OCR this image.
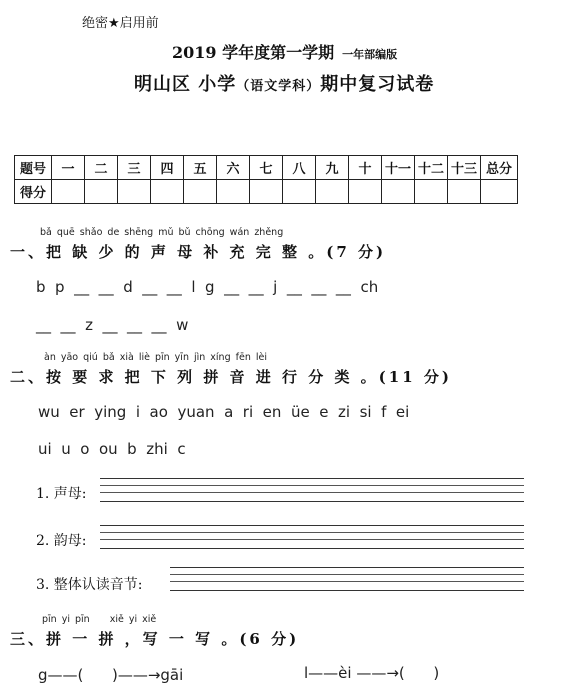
绝密★启用前
2019 学年度第一学期 一年部编版
明山区 小学（语文学科）期中复习试卷
题号	一	二	三	四	五	六	七	八	九	十	十一	十二	十三	总分
得分														
bǎ quē shǎo de shēng mǔ bǔ chōng wán zhěng
一、把 缺 少 的 声 母 补 充 完 整 。(7 分)
b  p  __  __  d  __  __  l  g  __  __  j  __  __  __  ch
__  __  z  __  __  __  w
àn yāo qiú bǎ xià liè pīn yīn jìn xíng fēn lèi
二、按 要 求 把 下 列 拼 音 进 行 分 类 。(11 分)
wu  er  ying  i  ao  yuan  a  ri  en  üe  e  zi  si  f  ei
ui  u  o  ou  b  zhi  c
1. 声母:
2. 韵母:
3. 整体认读音节:
pīn yi pīn    xiě yi xiě
三、拼 一 拼 ，写 一 写 。(6 分)
g——(      )——→gāi	l——èi ——→(      )
